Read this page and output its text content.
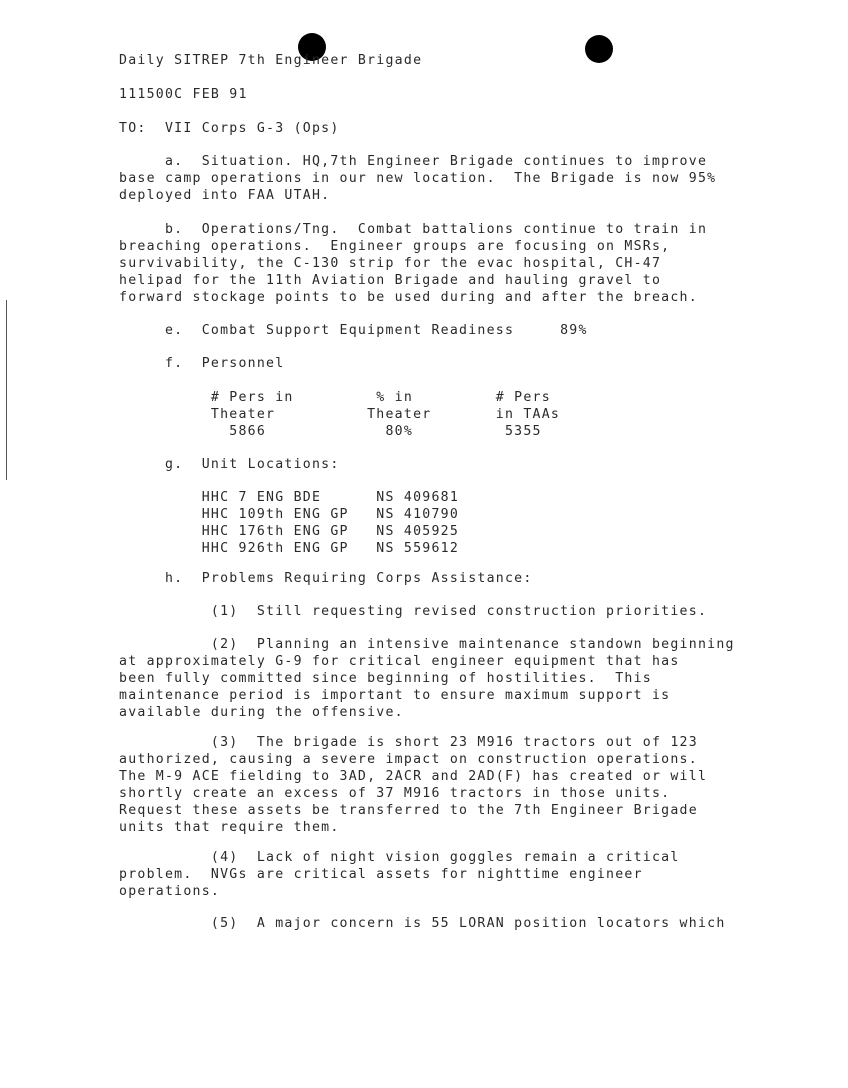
Daily SITREP 7th Engineer Brigade
111500C FEB 91
TO:  VII Corps G-3 (Ops)
a.  Situation. HQ,7th Engineer Brigade continues to improve
base camp operations in our new location.  The Brigade is now 95%
deployed into FAA UTAH.
b.  Operations/Tng.  Combat battalions continue to train in
breaching operations.  Engineer groups are focusing on MSRs,
survivability, the C-130 strip for the evac hospital, CH-47
helipad for the 11th Aviation Brigade and hauling gravel to
forward stockage points to be used during and after the breach.
e.  Combat Support Equipment Readiness     89%
f.  Personnel
# Pers in         % in         # Pers
Theater          Theater       in TAAs
5866             80%          5355
g.  Unit Locations:
HHC 7 ENG BDE      NS 409681
HHC 109th ENG GP   NS 410790
HHC 176th ENG GP   NS 405925
HHC 926th ENG GP   NS 559612
h.  Problems Requiring Corps Assistance:
(1)  Still requesting revised construction priorities.
(2)  Planning an intensive maintenance standown beginning
at approximately G-9 for critical engineer equipment that has
been fully committed since beginning of hostilities.  This
maintenance period is important to ensure maximum support is
available during the offensive.
(3)  The brigade is short 23 M916 tractors out of 123
authorized, causing a severe impact on construction operations.
The M-9 ACE fielding to 3AD, 2ACR and 2AD(F) has created or will
shortly create an excess of 37 M916 tractors in those units.
Request these assets be transferred to the 7th Engineer Brigade
units that require them.
(4)  Lack of night vision goggles remain a critical
problem.  NVGs are critical assets for nighttime engineer
operations.
(5)  A major concern is 55 LORAN position locators which
